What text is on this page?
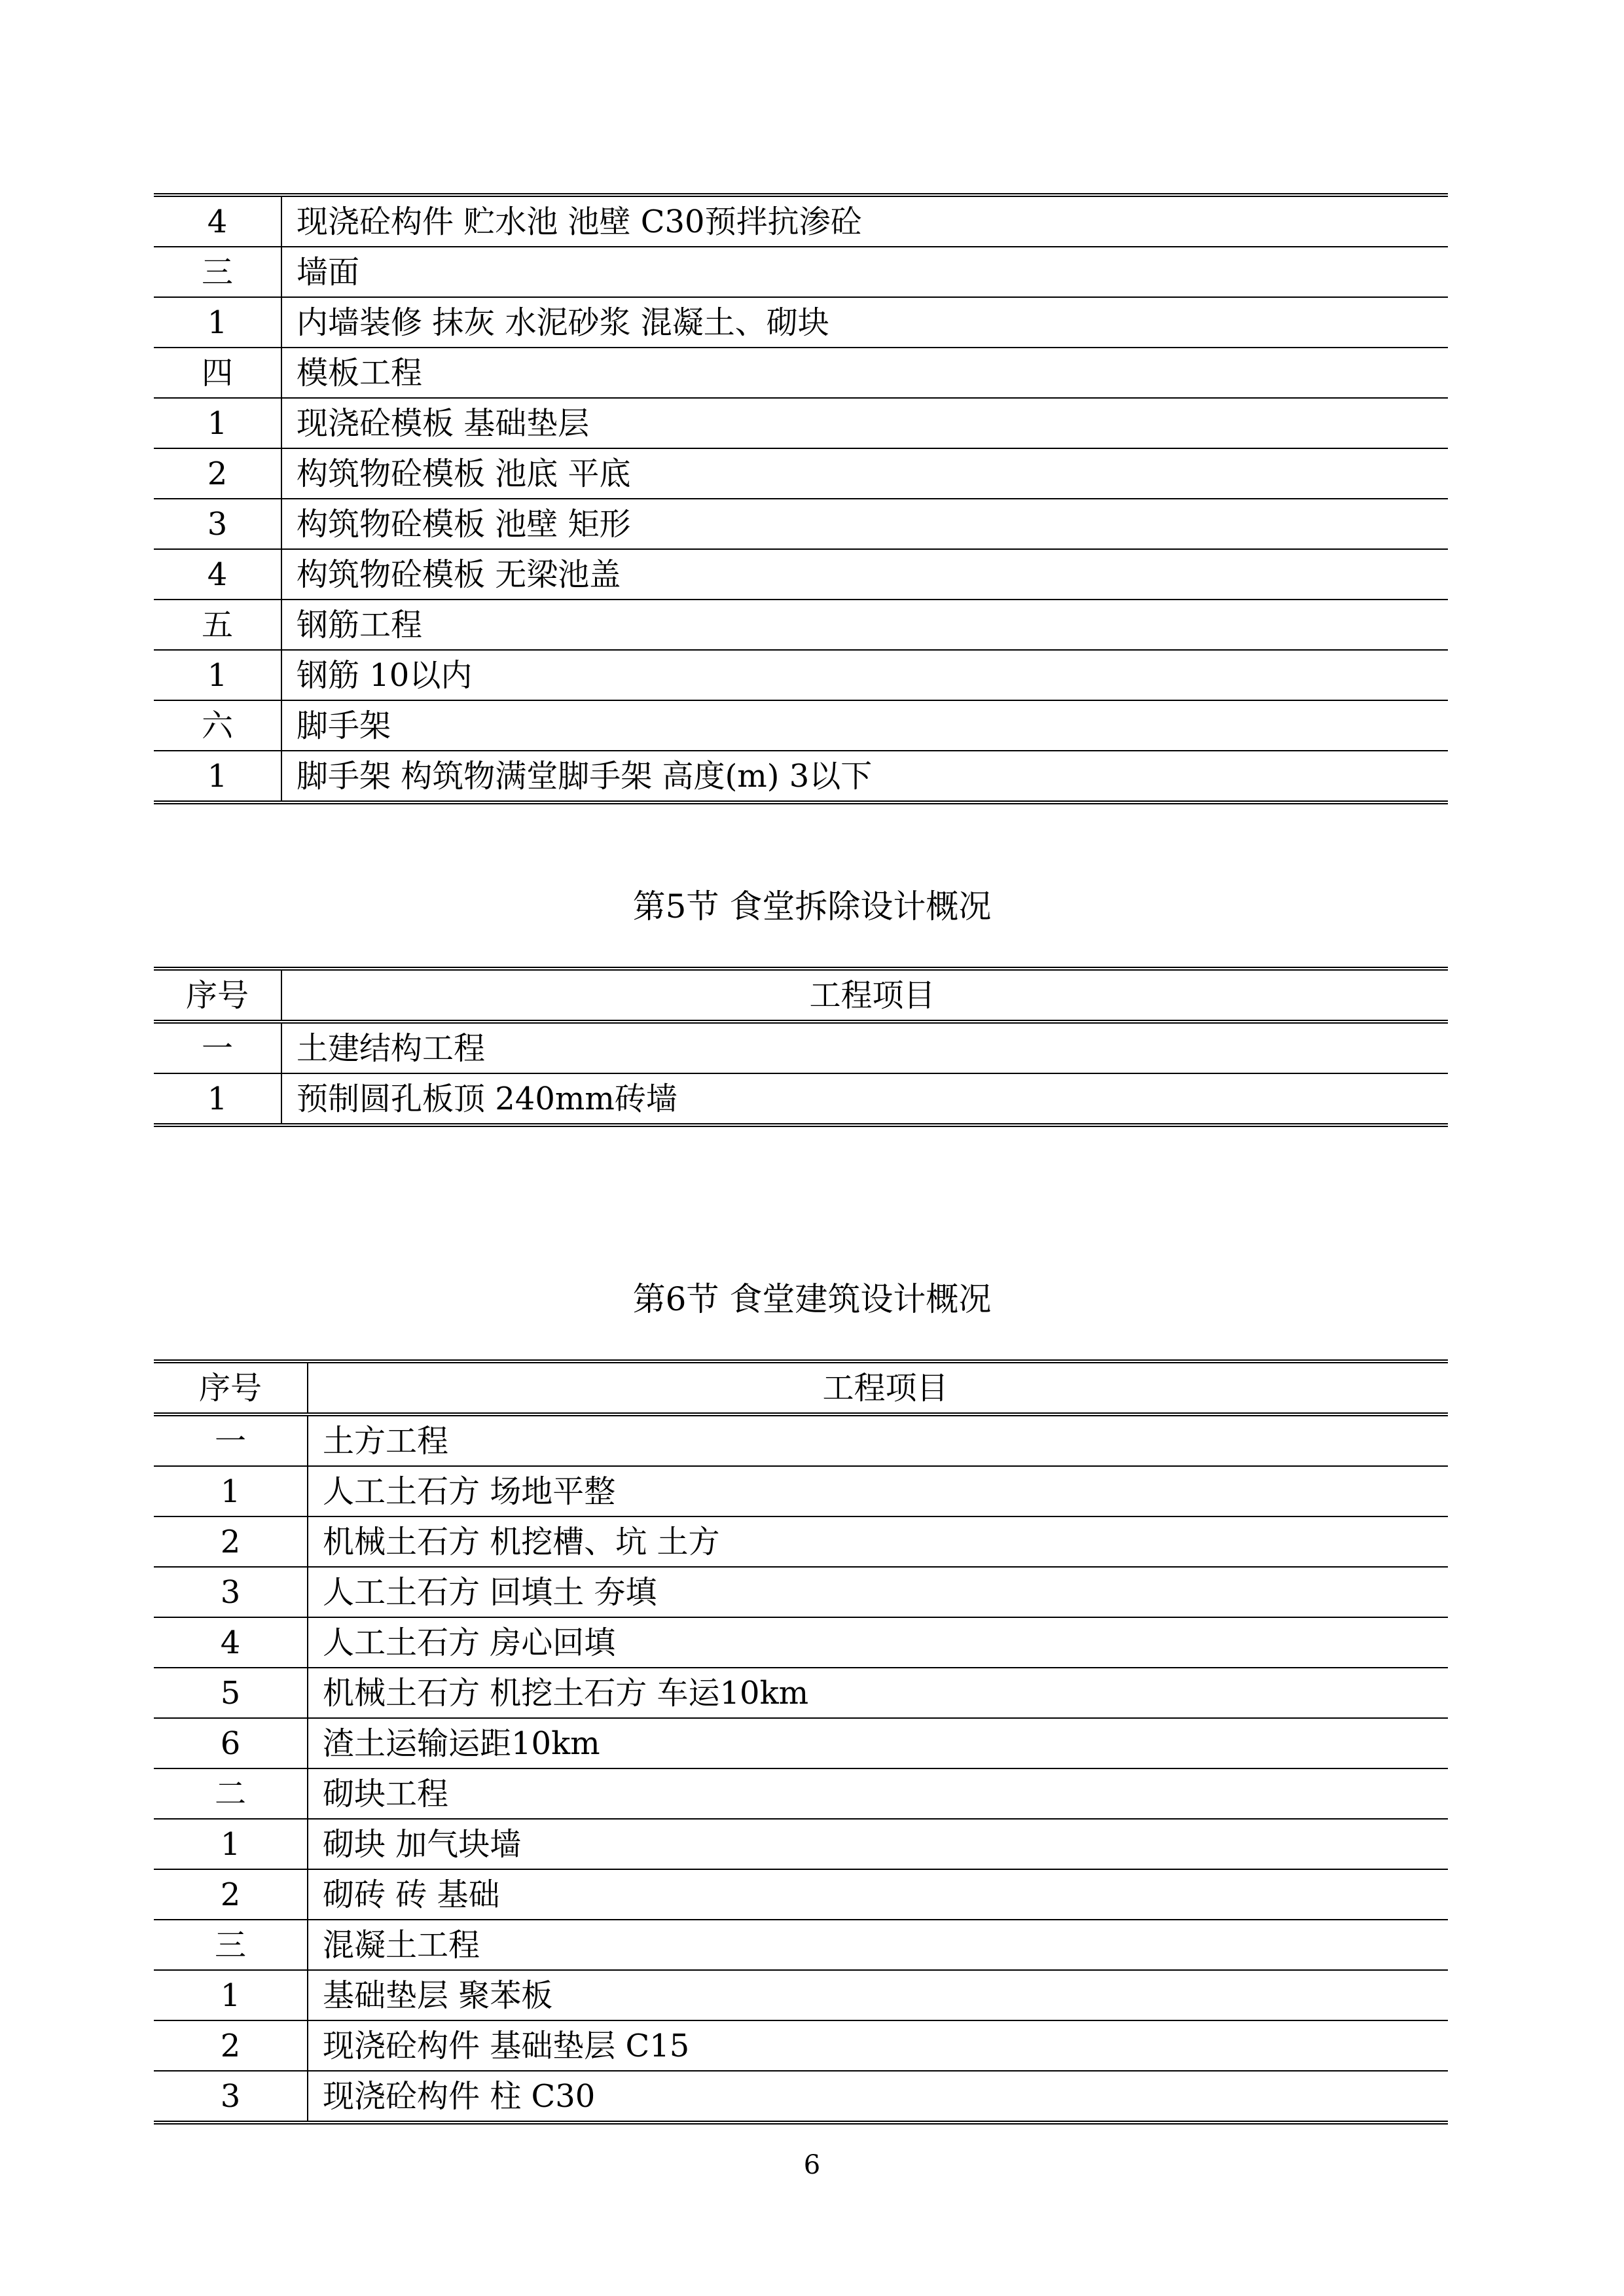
4	现浇砼构件 贮水池 池壁 C30预拌抗渗砼
三	墙面
1	内墙装修 抹灰 水泥砂浆 混凝土、砌块
四	模板工程
1	现浇砼模板 基础垫层
2	构筑物砼模板 池底 平底
3	构筑物砼模板 池壁 矩形
4	构筑物砼模板 无梁池盖
五	钢筋工程
1	钢筋 10以内
六	脚手架
1	脚手架 构筑物满堂脚手架 高度(m) 3以下
第5节 食堂拆除设计概况
序号	工程项目
一	土建结构工程
1	预制圆孔板顶 240mm砖墙
第6节 食堂建筑设计概况
序号	工程项目
一	土方工程
1	人工土石方 场地平整
2	机械土石方 机挖槽、坑 土方
3	人工土石方 回填土 夯填
4	人工土石方 房心回填
5	机械土石方 机挖土石方 车运10km
6	渣土运输运距10km
二	砌块工程
1	砌块 加气块墙
2	砌砖 砖 基础
三	混凝土工程
1	基础垫层 聚苯板
2	现浇砼构件 基础垫层 C15
3	现浇砼构件 柱 C30
6
